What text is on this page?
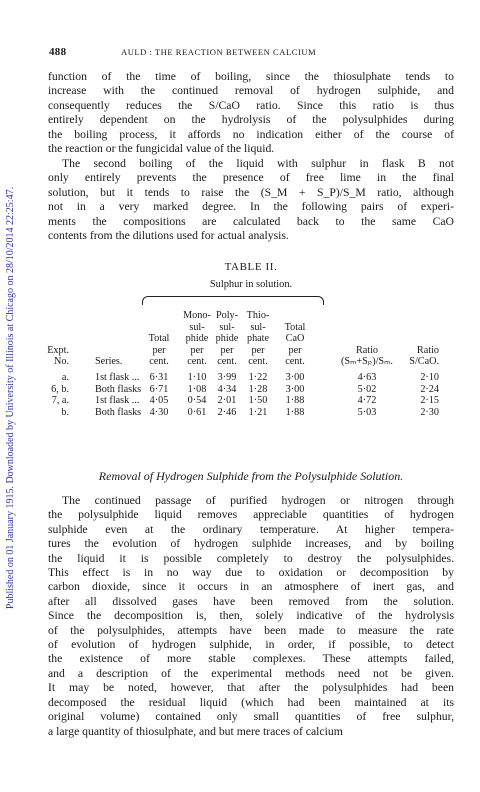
Published on 01 January 1915. Downloaded by University of Illinois at Chicago on 28/10/2014 22:25:47.
488	AULD : THE REACTION BETWEEN CALCIUM
function of the time of boiling, since the thiosulphate tends to
increase with the continued removal of hydrogen sulphide, and
consequently reduces the S/CaO ratio. Since this ratio is thus
entirely dependent on the hydrolysis of the polysulphides during
the boiling process, it affords no indication either of the course of
the reaction or the fungicidal value of the liquid.
The second boiling of the liquid with sulphur in flask B not
only entirely prevents the presence of free lime in the final
solution, but it tends to raise the (S_M + S_P)/S_M ratio, although
not in a very marked degree. In the following pairs of experi-
ments the compositions are calculated back to the same CaO
contents from the dilutions used for actual analysis.
TABLE II.
Sulphur in solution.
Mono- Poly- Thio-
sul-	sul-	sul-	Total
Total	phide phide phate	CaO
Expt.	per	per	per	per	per	Ratio	Ratio
No.	Series.	cent.	cent.	cent.	cent.	cent.	(Sₘ+Sₚ)/Sₘ.	S/CaO.
a.	1st flask ...	6·31	1·10	3·99	1·22	3·00	4·63	2·10
6, b.	Both flasks 6·71	1·08	4·34	1·28	3·00	5·02	2·24
7, a.	1st flask ...	4·05	0·54	2·01	1·50	1·88	4·72	2·15
b.	Both flasks 4·30	0·61	2·46	1·21	1·88	5·03	2·30
Removal of Hydrogen Sulphide from the Polysulphide Solution.
The continued passage of purified hydrogen or nitrogen through
the polysulphide liquid removes appreciable quantities of hydrogen
sulphide even at the ordinary temperature. At higher tempera-
tures the evolution of hydrogen sulphide increases, and by boiling
the liquid it is possible completely to destroy the polysulphides.
This effect is in no way due to oxidation or decomposition by
carbon dioxide, since it occurs in an atmosphere of inert gas, and
after all dissolved gases have been removed from the solution.
Since the decomposition is, then, solely indicative of the hydrolysis
of the polysulphides, attempts have been made to measure the rate
of evolution of hydrogen sulphide, in order, if possible, to detect
the existence of more stable complexes. These attempts failed,
and a description of the experimental methods need not be given.
It may be noted, however, that after the polysulphides had been
decomposed the residual liquid (which had been maintained at its
original volume) contained only small quantities of free sulphur,
a large quantity of thiosulphate, and but mere traces of calcium
